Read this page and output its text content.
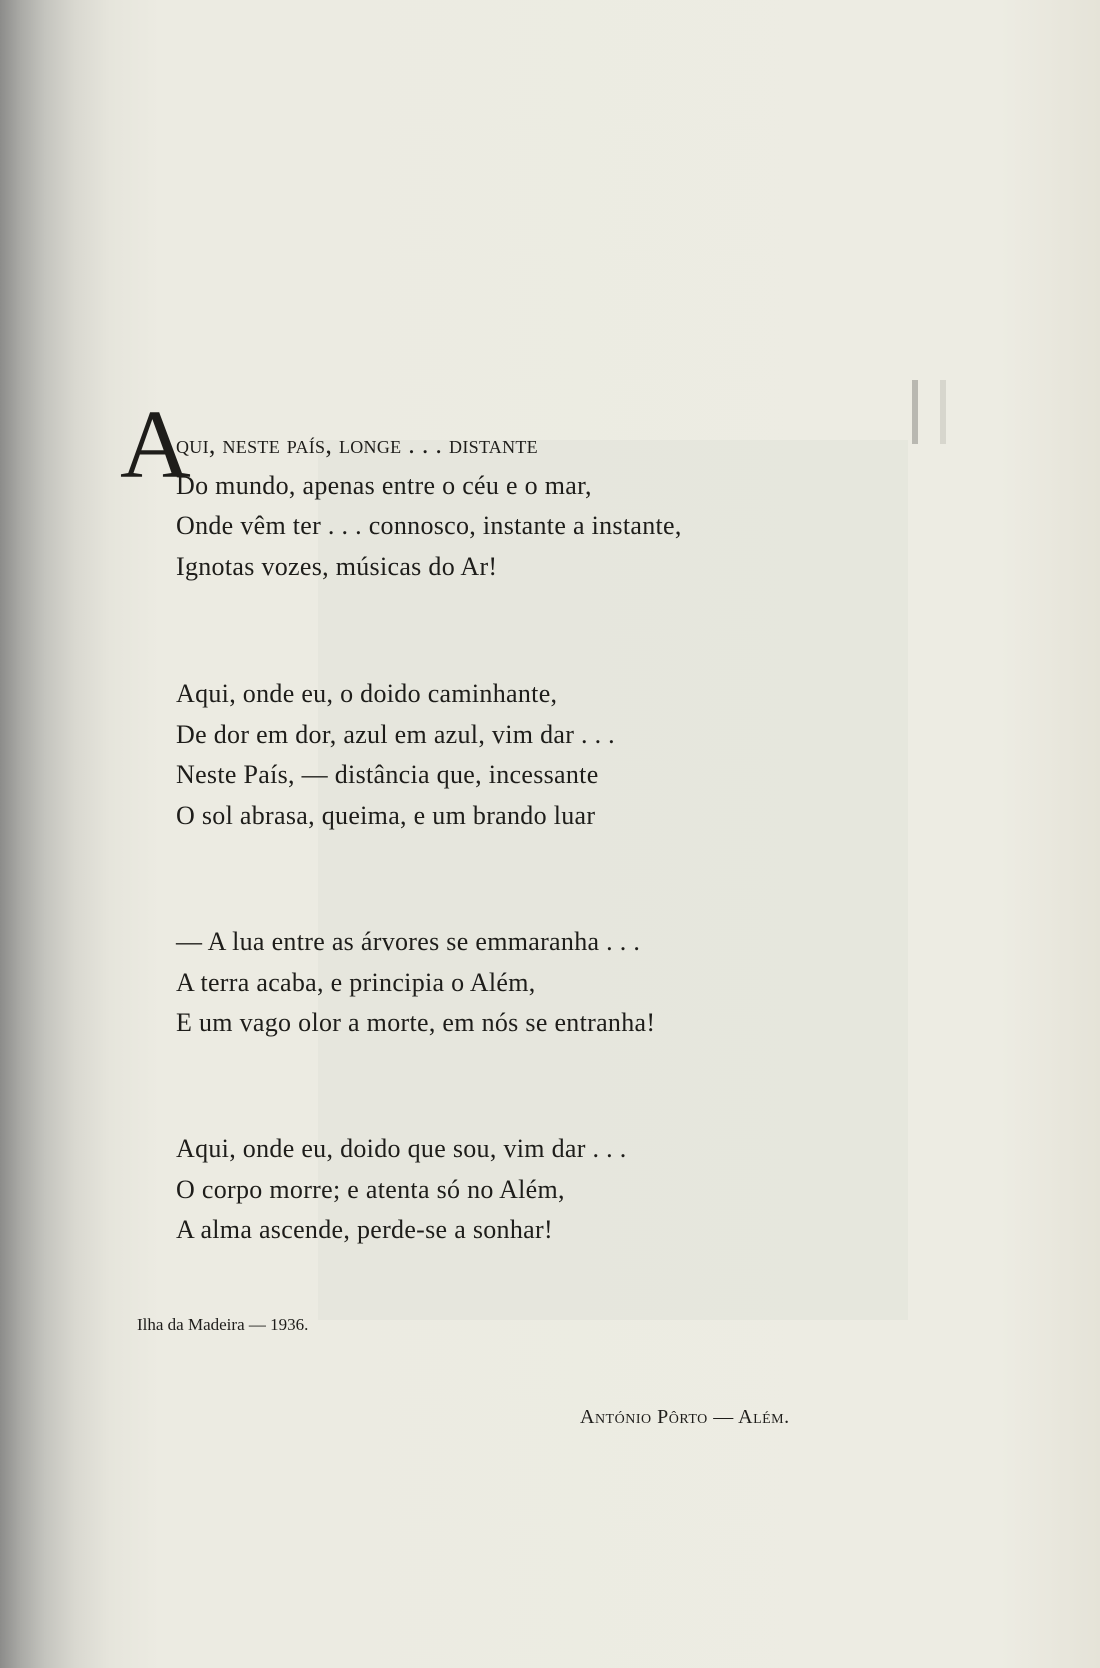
A
qui, neste país, longe . . . distante
Do mundo, apenas entre o céu e o mar,
Onde vêm ter . . . connosco, instante a instante,
Ignotas vozes, músicas do Ar!
Aqui, onde eu, o doido caminhante,
De dor em dor, azul em azul, vim dar . . .
Neste País, — distância que, incessante
O sol abrasa, queima, e um brando luar
— A lua entre as árvores se emmaranha . . .
A terra acaba, e principia o Além,
E um vago olor a morte, em nós se entranha!
Aqui, onde eu, doido que sou, vim dar . . .
O corpo morre; e atenta só no Além,
A alma ascende, perde-se a sonhar!
Ilha da Madeira — 1936.
António Pôrto — Além.
